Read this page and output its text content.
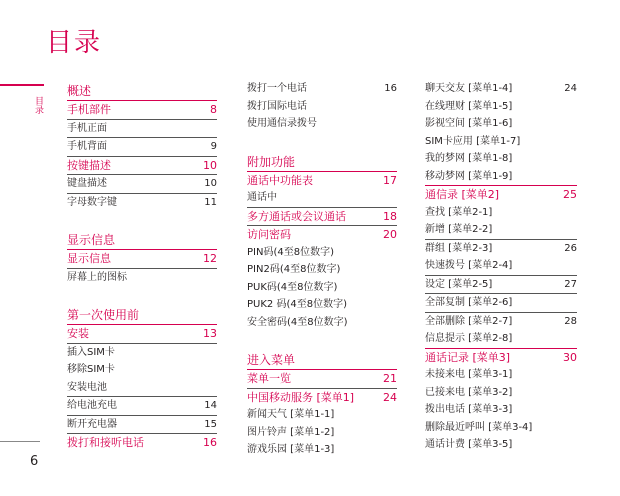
目录
目录
6
概述
手机部件	8
手机正面
手机背面	9
按键描述	10
键盘描述	10
字母数字键	11
显示信息
显示信息	12
屏幕上的图标
第一次使用前
安装	13
插入SIM卡
移除SIM卡
安装电池
给电池充电	14
断开充电器	15
拨打和接听电话	16
拨打一个电话	16
拨打国际电话
使用通信录拨号
附加功能
通话中功能表	17
通话中
多方通话或会议通话	18
访问密码	20
PIN码(4至8位数字)
PIN2码(4至8位数字)
PUK码(4至8位数字)
PUK2 码(4至8位数字)
安全密码(4至8位数字)
进入菜单
菜单一览	21
中国移动服务 [菜单1]	24
新闻天气 [菜单1-1]
图片铃声 [菜单1-2]
游戏乐园 [菜单1-3]
聊天交友 [菜单1-4]	24
在线理财 [菜单1-5]
影视空间 [菜单1-6]
SIM卡应用 [菜单1-7]
我的梦网 [菜单1-8]
移动梦网 [菜单1-9]
通信录 [菜单2]	25
查找 [菜单2-1]
新增 [菜单2-2]
群组 [菜单2-3]	26
快速拨号 [菜单2-4]
设定 [菜单2-5]	27
全部复制 [菜单2-6]
全部删除 [菜单2-7]	28
信息提示 [菜单2-8]
通话记录 [菜单3]	30
未接来电 [菜单3-1]
已接来电 [菜单3-2]
拨出电话 [菜单3-3]
删除最近呼叫 [菜单3-4]
通话计费 [菜单3-5]
